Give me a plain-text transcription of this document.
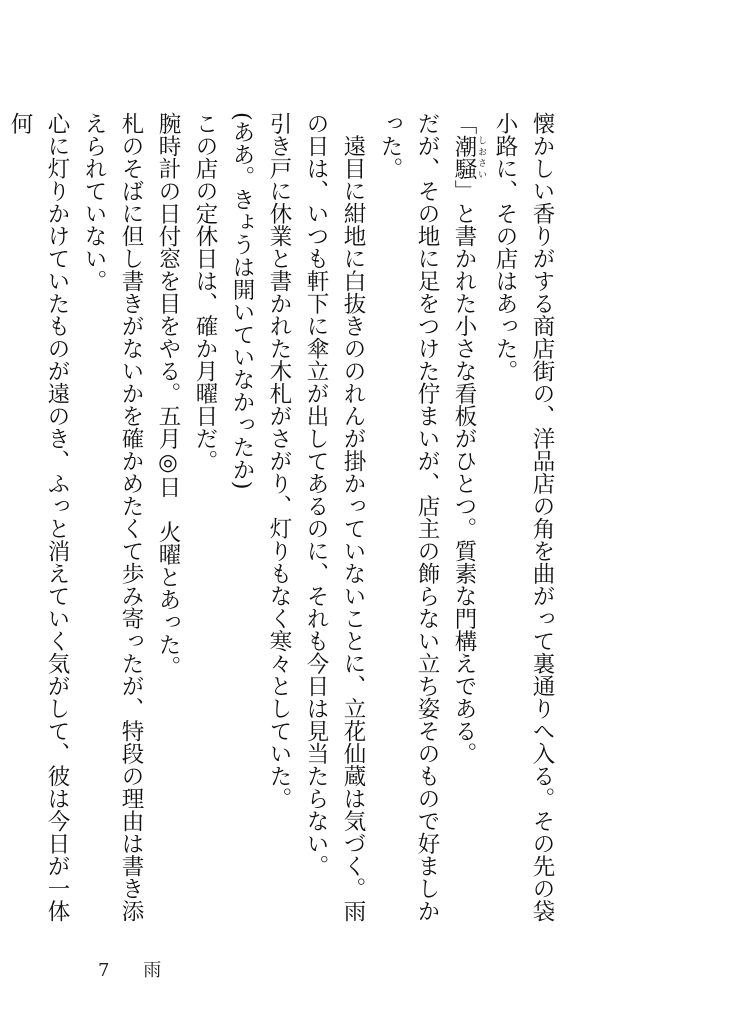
懐かしい香りがする商店街の、洋品店の角を曲がって裏通りへ入る。その先の袋小路に、その店はあった。

「潮騒 しおさい」と書かれた小さな看板がひとつ。質素な門構えである。

だが、その地に足をつけた佇まいが、店主の飾らない立ち姿そのもので好ましかった。

　遠目に紺地に白抜きののれんが掛かっていないことに、立花仙蔵は気づく。雨の日は、いつも軒下に傘立が出してあるのに、それも今日は見当たらない。

引き戸に休業と書かれた木札がさがり、灯りもなく寒々としていた。

(ああ。きょうは開いていなかったか)

この店の定休日は、確か月曜日だ。

腕時計の日付窓を目をやる。五月◎日　火曜とあった。

札のそばに但し書きがないかを確かめたくて歩み寄ったが、特段の理由は書き添えられていない。

心に灯りかけていたものが遠のき、ふっと消えていく気がして、彼は今日が一体何

7 雨
